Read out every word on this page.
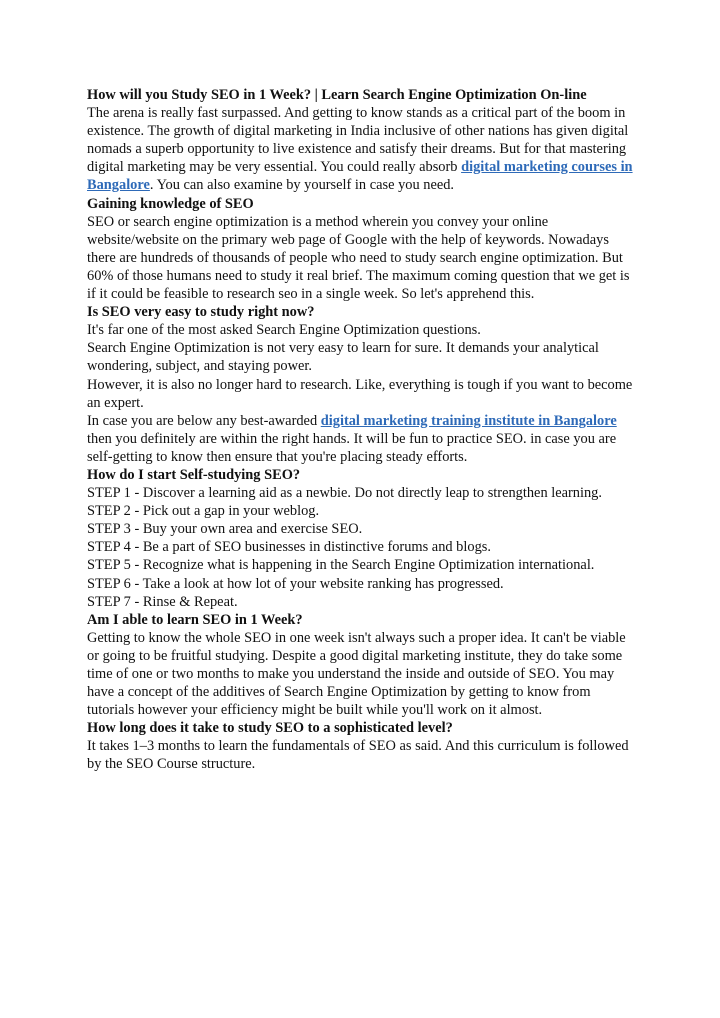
How will you Study SEO in 1 Week? | Learn Search Engine Optimization On-line
The arena is really fast surpassed. And getting to know stands as a critical part of the boom in existence. The growth of digital marketing in India inclusive of other nations has given digital nomads a superb opportunity to live existence and satisfy their dreams. But for that mastering digital marketing may be very essential. You could really absorb digital marketing courses in Bangalore. You can also examine by yourself in case you need.
Gaining knowledge of SEO
SEO or search engine optimization is a method wherein you convey your online website/website on the primary web page of Google with the help of keywords. Nowadays there are hundreds of thousands of people who need to study search engine optimization. But 60% of those humans need to study it real brief. The maximum coming question that we get is if it could be feasible to research seo in a single week. So let's apprehend this.
Is SEO very easy to study right now?
It's far one of the most asked Search Engine Optimization questions.
Search Engine Optimization is not very easy to learn for sure. It demands your analytical wondering, subject, and staying power.
However, it is also no longer hard to research. Like, everything is tough if you want to become an expert.
In case you are below any best-awarded digital marketing training institute in Bangalore then you definitely are within the right hands. It will be fun to practice SEO. in case you are self-getting to know then ensure that you're placing steady efforts.
How do I start Self-studying SEO?
STEP 1 - Discover a learning aid as a newbie. Do not directly leap to strengthen learning.
STEP 2 - Pick out a gap in your weblog.
STEP 3 - Buy your own area and exercise SEO.
STEP 4 - Be a part of SEO businesses in distinctive forums and blogs.
STEP 5 - Recognize what is happening in the Search Engine Optimization international.
STEP 6 - Take a look at how lot of your website ranking has progressed.
STEP 7 - Rinse & Repeat.
Am I able to learn SEO in 1 Week?
Getting to know the whole SEO in one week isn't always such a proper idea. It can't be viable or going to be fruitful studying. Despite a good digital marketing institute, they do take some time of one or two months to make you understand the inside and outside of SEO. You may have a concept of the additives of Search Engine Optimization by getting to know from tutorials however your efficiency might be built while you'll work on it almost.
How long does it take to study SEO to a sophisticated level?
It takes 1–3 months to learn the fundamentals of SEO as said. And this curriculum is followed by the SEO Course structure.
